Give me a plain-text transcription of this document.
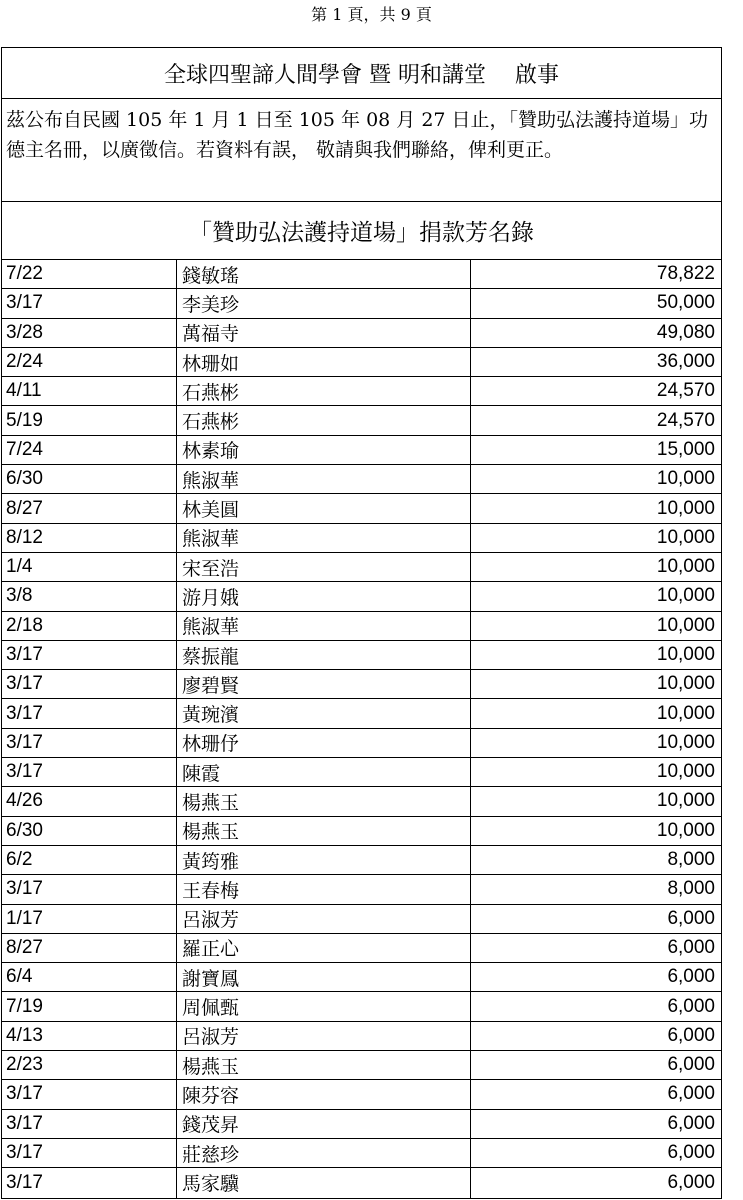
第 1 頁，共 9 頁
全球四聖諦人間學會 暨 明和講堂　 啟事
茲公布自民國 105 年 1 月 1 日至 105 年 08 月 27 日止，「贊助弘法護持道場」功德主名冊，以廣徵信。若資料有誤， 敬請與我們聯絡，俾利更正。
「贊助弘法護持道場」捐款芳名錄
7/22	錢敏瑤	78,822
3/17	李美珍	50,000
3/28	萬福寺	49,080
2/24	林珊如	36,000
4/11	石燕彬	24,570
5/19	石燕彬	24,570
7/24	林素瑜	15,000
6/30	熊淑華	10,000
8/27	林美圓	10,000
8/12	熊淑華	10,000
1/4	宋至浩	10,000
3/8	游月娥	10,000
2/18	熊淑華	10,000
3/17	蔡振龍	10,000
3/17	廖碧賢	10,000
3/17	黃琬濱	10,000
3/17	林珊伃	10,000
3/17	陳霞	10,000
4/26	楊燕玉	10,000
6/30	楊燕玉	10,000
6/2	黃筠雅	8,000
3/17	王春梅	8,000
1/17	呂淑芳	6,000
8/27	羅正心	6,000
6/4	謝寶鳳	6,000
7/19	周佩甄	6,000
4/13	呂淑芳	6,000
2/23	楊燕玉	6,000
3/17	陳芬容	6,000
3/17	錢茂昇	6,000
3/17	莊慈珍	6,000
3/17	馬家驥	6,000
